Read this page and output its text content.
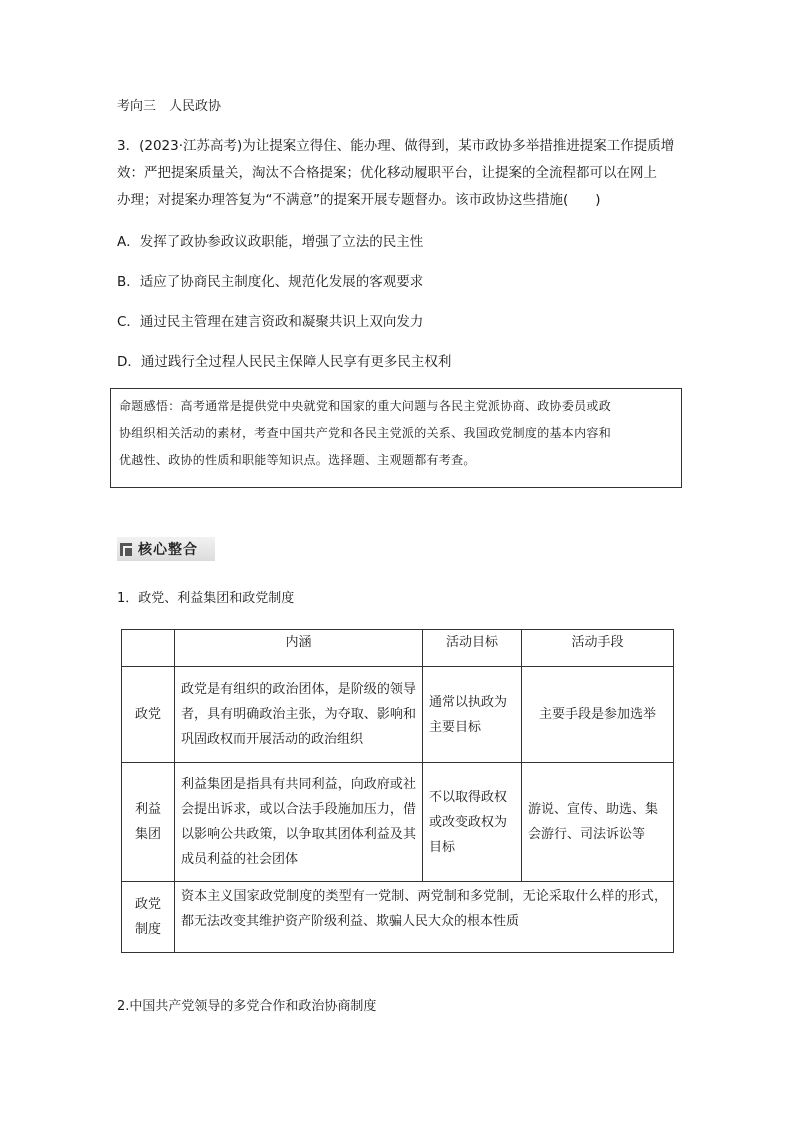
考向三　人民政协
3．(2023·江苏高考)为让提案立得住、能办理、做得到，某市政协多举措推进提案工作提质增
效：严把提案质量关，淘汰不合格提案；优化移动履职平台，让提案的全流程都可以在网上
办理；对提案办理答复为“不满意”的提案开展专题督办。该市政协这些措施(　　)
A．发挥了政协参政议政职能，增强了立法的民主性
B．适应了协商民主制度化、规范化发展的客观要求
C．通过民主管理在建言资政和凝聚共识上双向发力
D．通过践行全过程人民民主保障人民享有更多民主权利
命题感悟：高考通常是提供党中央就党和国家的重大问题与各民主党派协商、政协委员或政
协组织相关活动的素材，考查中国共产党和各民主党派的关系、我国政党制度的基本内容和
优越性、政协的性质和职能等知识点。选择题、主观题都有考查。
核心整合
1．政党、利益集团和政党制度
	内涵	活动目标	活动手段
政党	政党是有组织的政治团体，是阶级的领导者，具有明确政治主张，为夺取、影响和巩固政权而开展活动的政治组织	通常以执政为主要目标	主要手段是参加选举
利益集团	利益集团是指具有共同利益，向政府或社会提出诉求，或以合法手段施加压力，借以影响公共政策，以争取其团体利益及其成员利益的社会团体	不以取得政权或改变政权为目标	游说、宣传、助选、集会游行、司法诉讼等
政党制度	资本主义国家政党制度的类型有一党制、两党制和多党制，无论采取什么样的形式，都无法改变其维护资产阶级利益、欺骗人民大众的根本性质		
2.中国共产党领导的多党合作和政治协商制度
